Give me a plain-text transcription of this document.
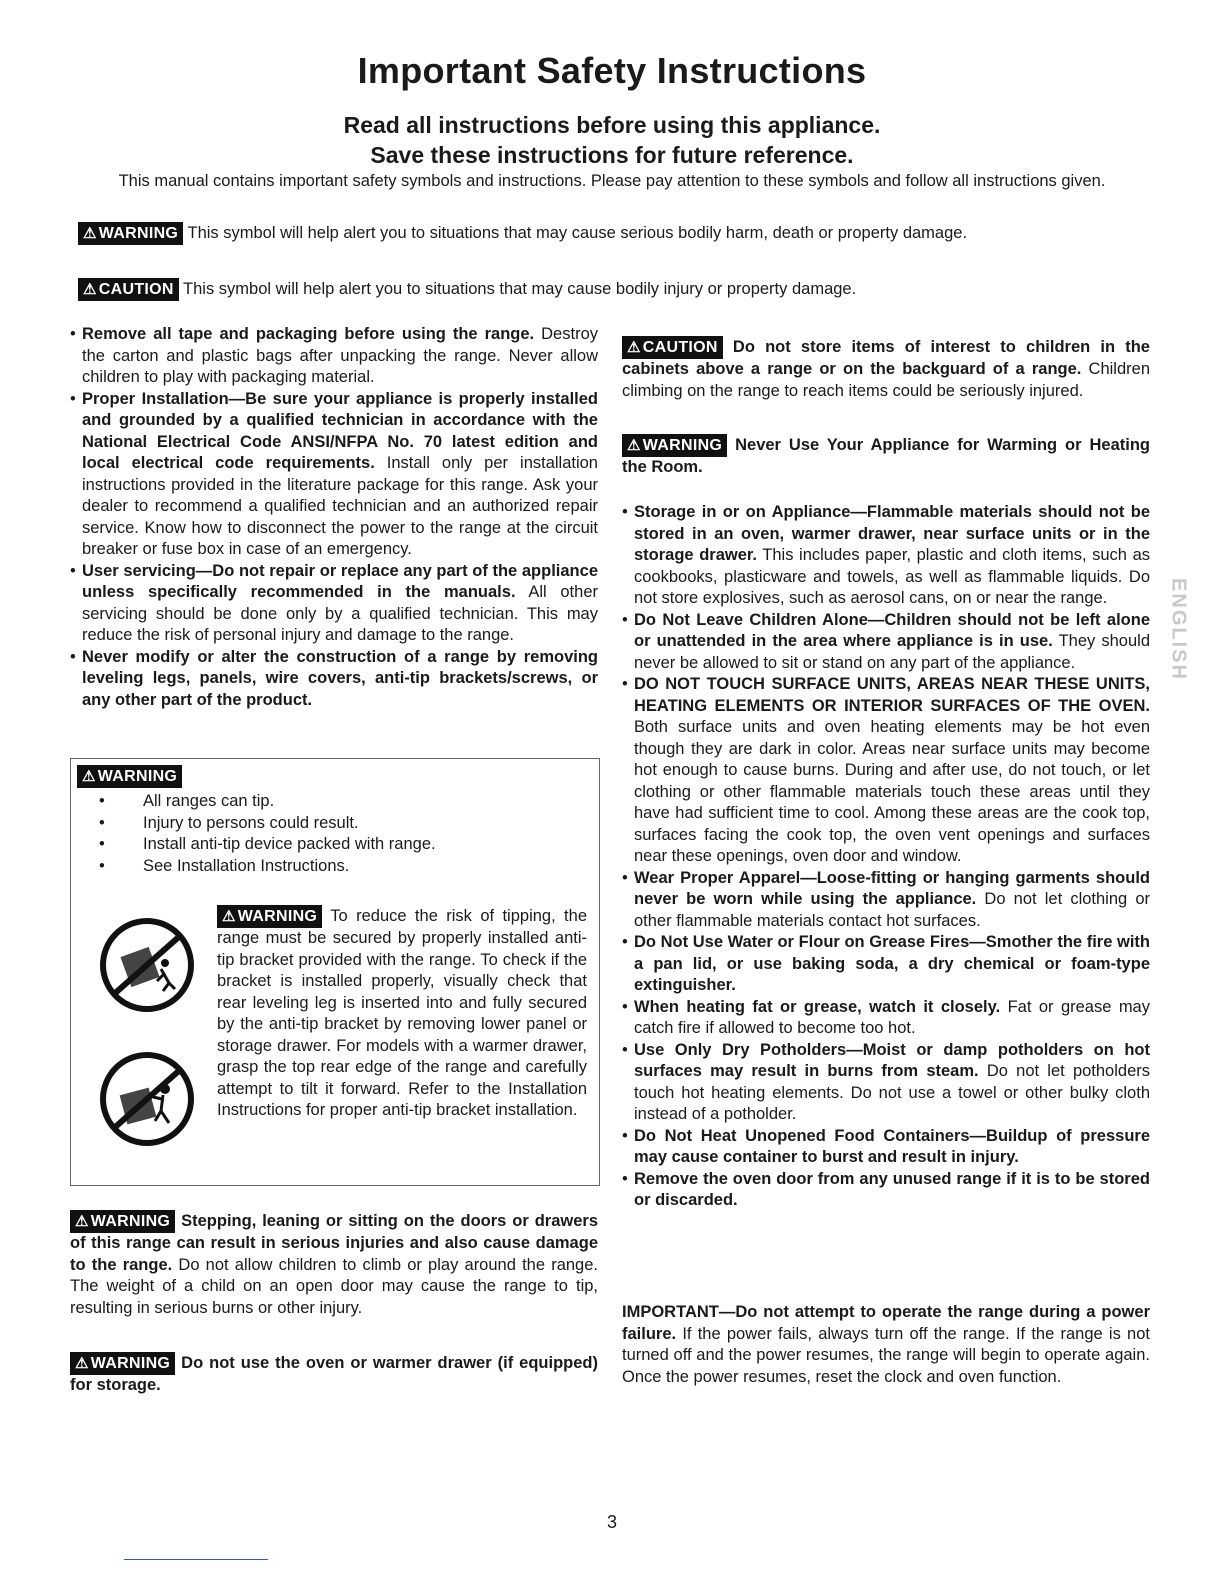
Important Safety Instructions

Read all instructions before using this appliance.

Save these instructions for future reference.

This manual contains important safety symbols and instructions. Please pay attention to these symbols and follow all instructions given.

⚠ WARNING This symbol will help alert you to situations that may cause serious bodily harm, death or property damage.
⚠ CAUTION This symbol will help alert you to situations that may cause bodily injury or property damage.
• Remove all tape and packaging before using the range. Destroy the carton and plastic bags after unpacking the range. Never allow children to play with packaging material.
• Proper Installation—Be sure your appliance is properly installed and grounded by a qualified technician in accordance with the National Electrical Code ANSI/NFPA No. 70 latest edition and local electrical code requirements. Install only per installation instructions provided in the literature package for this range. Ask your dealer to recommend a qualified technician and an authorized repair service. Know how to disconnect the power to the range at the circuit breaker or fuse box in case of an emergency.
• User servicing—Do not repair or replace any part of the appliance unless specifically recommended in the manuals. All other servicing should be done only by a qualified technician. This may reduce the risk of personal injury and damage to the range.
• Never modify or alter the construction of a range by removing leveling legs, panels, wire covers, anti-tip brackets/screws, or any other part of the product.
⚠ WARNING
• All ranges can tip.
• Injury to persons could result.
• Install anti-tip device packed with range.
• See Installation Instructions.
⚠ WARNING To reduce the risk of tipping, the range must be secured by properly installed anti-tip bracket provided with the range. To check if the bracket is installed properly, visually check that rear leveling leg is inserted into and fully secured by the anti-tip bracket by removing lower panel or storage drawer. For models with a warmer drawer, grasp the top rear edge of the range and carefully attempt to tilt it forward. Refer to the Installation Instructions for proper anti-tip bracket installation.

⚠ WARNING Stepping, leaning or sitting on the doors or drawers of this range can result in serious injuries and also cause damage to the range. Do not allow children to climb or play around the range. The weight of a child on an open door may cause the range to tip, resulting in serious burns or other injury.

⚠ WARNING Do not use the oven or warmer drawer (if equipped) for storage.

⚠ CAUTION Do not store items of interest to children in the cabinets above a range or on the backguard of a range. Children climbing on the range to reach items could be seriously injured.

⚠ WARNING Never Use Your Appliance for Warming or Heating the Room.

• Storage in or on Appliance—Flammable materials should not be stored in an oven, warmer drawer, near surface units or in the storage drawer. This includes paper, plastic and cloth items, such as cookbooks, plasticware and towels, as well as flammable liquids. Do not store explosives, such as aerosol cans, on or near the range.
• Do Not Leave Children Alone—Children should not be left alone or unattended in the area where appliance is in use. They should never be allowed to sit or stand on any part of the appliance.
• DO NOT TOUCH SURFACE UNITS, AREAS NEAR THESE UNITS, HEATING ELEMENTS OR INTERIOR SURFACES OF THE OVEN. Both surface units and oven heating elements may be hot even though they are dark in color. Areas near surface units may become hot enough to cause burns. During and after use, do not touch, or let clothing or other flammable materials touch these areas until they have had sufficient time to cool. Among these areas are the cook top, surfaces facing the cook top, the oven vent openings and surfaces near these openings, oven door and window.
• Wear Proper Apparel—Loose-fitting or hanging garments should never be worn while using the appliance. Do not let clothing or other flammable materials contact hot surfaces.
• Do Not Use Water or Flour on Grease Fires—Smother the fire with a pan lid, or use baking soda, a dry chemical or foam-type extinguisher.
• When heating fat or grease, watch it closely. Fat or grease may catch fire if allowed to become too hot.
• Use Only Dry Potholders—Moist or damp potholders on hot surfaces may result in burns from steam. Do not let potholders touch hot heating elements. Do not use a towel or other bulky cloth instead of a potholder.
• Do Not Heat Unopened Food Containers—Buildup of pressure may cause container to burst and result in injury.
• Remove the oven door from any unused range if it is to be stored or discarded.

IMPORTANT—Do not attempt to operate the range during a power failure. If the power fails, always turn off the range. If the range is not turned off and the power resumes, the range will begin to operate again. Once the power resumes, reset the clock and oven function.

ENGLISH
3
